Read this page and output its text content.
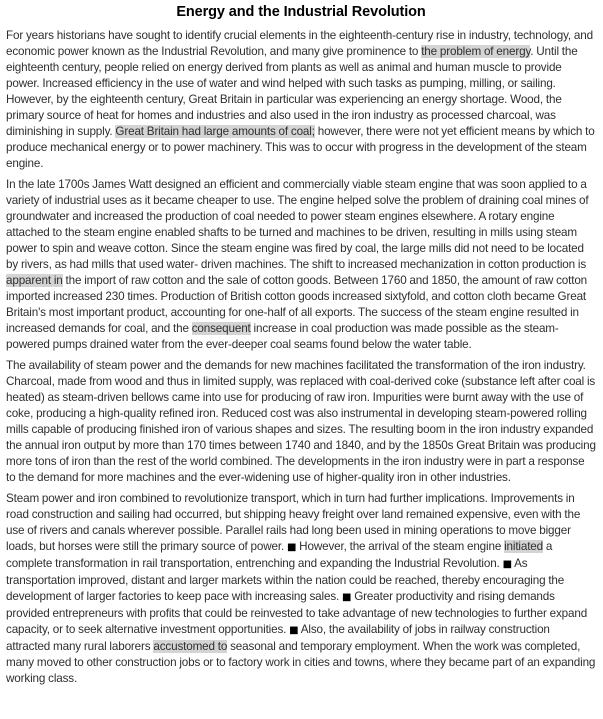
Energy and the Industrial Revolution

For years historians have sought to identify crucial elements in the eighteenth-century rise in industry, technology, and economic power known as the Industrial Revolution, and many give prominence to the problem of energy. Until the eighteenth century, people relied on energy derived from plants as well as animal and human muscle to provide power. Increased efficiency in the use of water and wind helped with such tasks as pumping, milling, or sailing. However, by the eighteenth century, Great Britain in particular was experiencing an energy shortage. Wood, the primary source of heat for homes and industries and also used in the iron industry as processed charcoal, was diminishing in supply. Great Britain had large amounts of coal; however, there were not yet efficient means by which to produce mechanical energy or to power machinery. This was to occur with progress in the development of the steam engine.

In the late 1700s James Watt designed an efficient and commercially viable steam engine that was soon applied to a variety of industrial uses as it became cheaper to use. The engine helped solve the problem of draining coal mines of groundwater and increased the production of coal needed to power steam engines elsewhere. A rotary engine attached to the steam engine enabled shafts to be turned and machines to be driven, resulting in mills using steam power to spin and weave cotton. Since the steam engine was fired by coal, the large mills did not need to be located by rivers, as had mills that used water- driven machines. The shift to increased mechanization in cotton production is apparent in the import of raw cotton and the sale of cotton goods. Between 1760 and 1850, the amount of raw cotton imported increased 230 times. Production of British cotton goods increased sixtyfold, and cotton cloth became Great Britain's most important product, accounting for one-half of all exports. The success of the steam engine resulted in increased demands for coal, and the consequent increase in coal production was made possible as the steam-powered pumps drained water from the ever-deeper coal seams found below the water table.

The availability of steam power and the demands for new machines facilitated the transformation of the iron industry. Charcoal, made from wood and thus in limited supply, was replaced with coal-derived coke (substance left after coal is heated) as steam-driven bellows came into use for producing of raw iron. Impurities were burnt away with the use of coke, producing a high-quality refined iron. Reduced cost was also instrumental in developing steam-powered rolling mills capable of producing finished iron of various shapes and sizes. The resulting boom in the iron industry expanded the annual iron output by more than 170 times between 1740 and 1840, and by the 1850s Great Britain was producing more tons of iron than the rest of the world combined. The developments in the iron industry were in part a response to the demand for more machines and the ever-widening use of higher-quality iron in other industries.

Steam power and iron combined to revolutionize transport, which in turn had further implications. Improvements in road construction and sailing had occurred, but shipping heavy freight over land remained expensive, even with the use of rivers and canals wherever possible. Parallel rails had long been used in mining operations to move bigger loads, but horses were still the primary source of power. ■ However, the arrival of the steam engine initiated a complete transformation in rail transportation, entrenching and expanding the Industrial Revolution. ■ As transportation improved, distant and larger markets within the nation could be reached, thereby encouraging the development of larger factories to keep pace with increasing sales. ■ Greater productivity and rising demands provided entrepreneurs with profits that could be reinvested to take advantage of new technologies to further expand capacity, or to seek alternative investment opportunities. ■ Also, the availability of jobs in railway construction attracted many rural laborers accustomed to seasonal and temporary employment. When the work was completed, many moved to other construction jobs or to factory work in cities and towns, where they became part of an expanding working class.
